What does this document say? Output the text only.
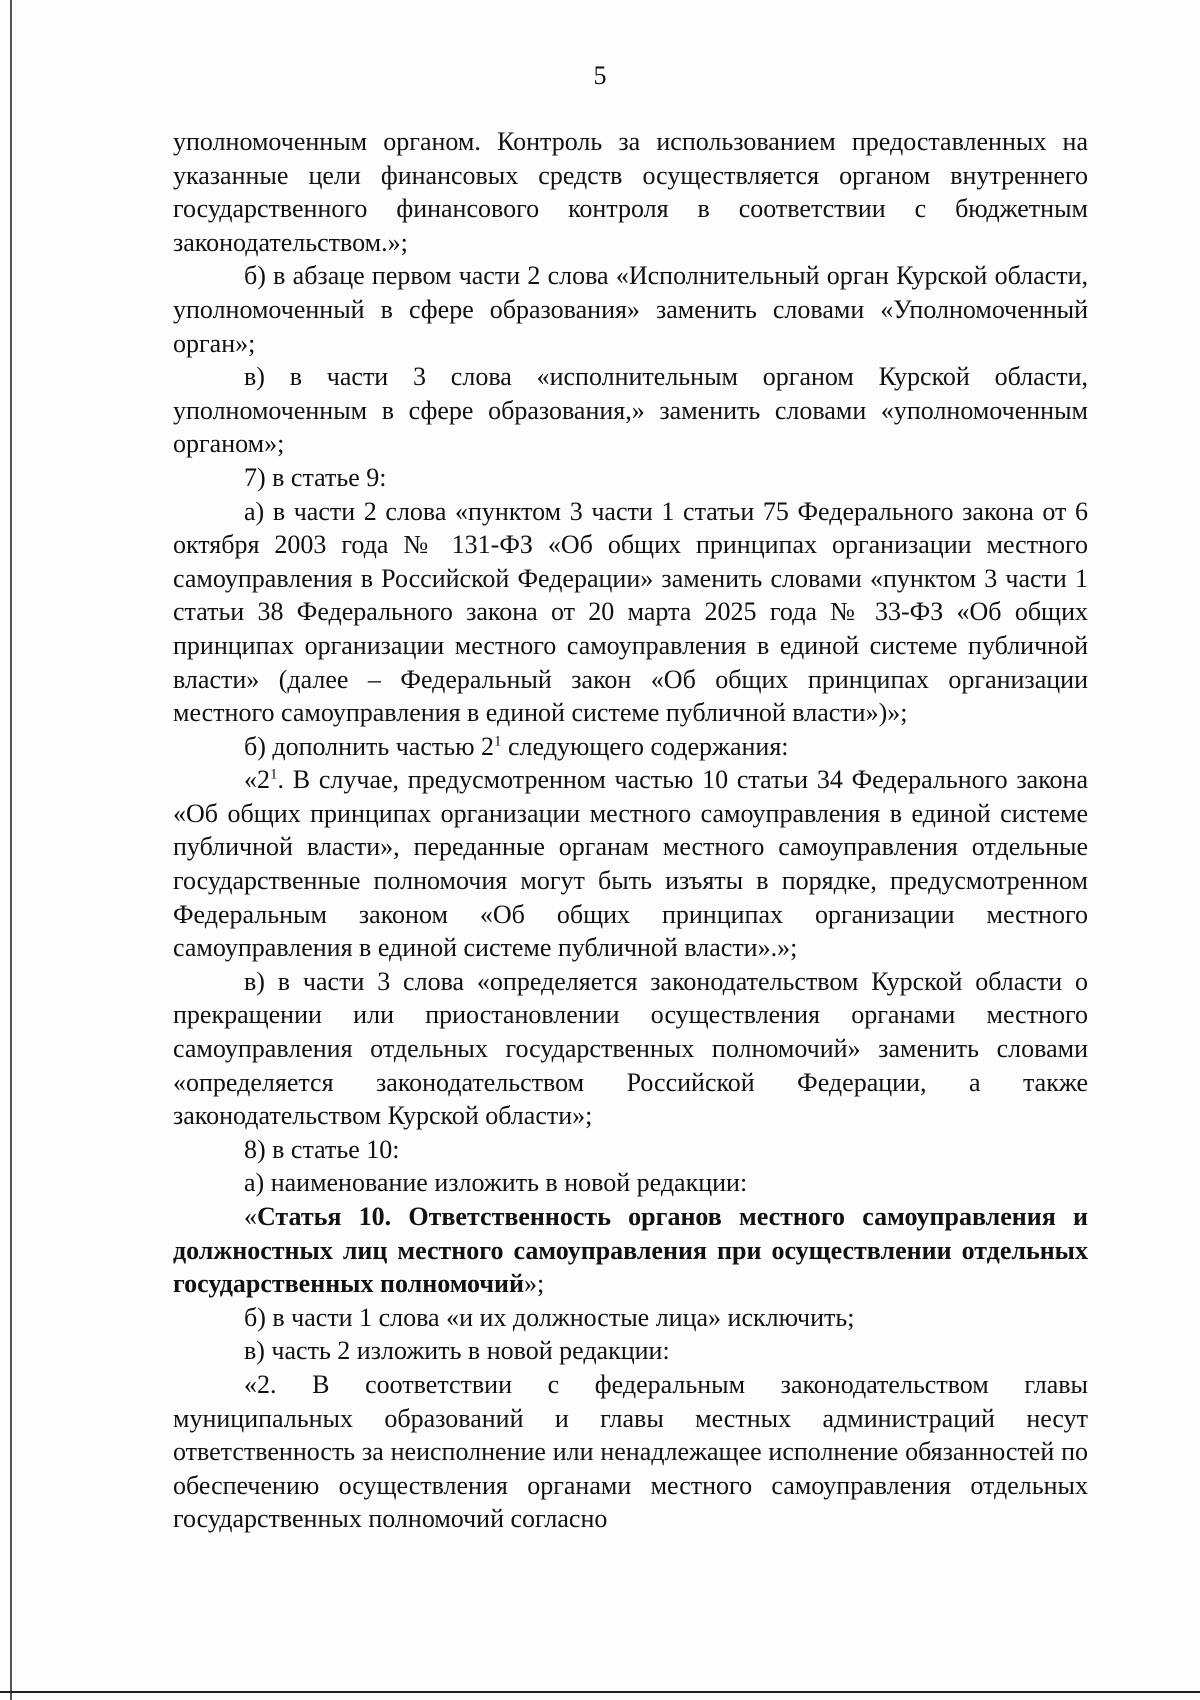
5

уполномоченным органом. Контроль за использованием предоставленных на указанные цели финансовых средств осуществляется органом внутреннего государственного финансового контроля в соответствии с бюджетным законодательством.»;

б) в абзаце первом части 2 слова «Исполнительный орган Курской области, уполномоченный в сфере образования» заменить словами «Уполномоченный орган»;

в) в части 3 слова «исполнительным органом Курской области, уполномоченным в сфере образования,» заменить словами «уполномоченным органом»;

7) в статье 9:

а) в части 2 слова «пунктом 3 части 1 статьи 75 Федерального закона от 6 октября 2003 года № 131-ФЗ «Об общих принципах организации местного самоуправления в Российской Федерации» заменить словами «пунктом 3 части 1 статьи 38 Федерального закона от 20 марта 2025 года № 33-ФЗ «Об общих принципах организации местного самоуправления в единой системе публичной власти» (далее – Федеральный закон «Об общих принципах организации местного самоуправления в единой системе публичной власти»)»;

б) дополнить частью $2^1$ следующего содержания:

«$2^1$. В случае, предусмотренном частью 10 статьи 34 Федерального закона «Об общих принципах организации местного самоуправления в единой системе публичной власти», переданные органам местного самоуправления отдельные государственные полномочия могут быть изъяты в порядке, предусмотренном Федеральным законом «Об общих принципах организации местного самоуправления в единой системе публичной власти».»;

в) в части 3 слова «определяется законодательством Курской области о прекращении или приостановлении осуществления органами местного самоуправления отдельных государственных полномочий» заменить словами «определяется законодательством Российской Федерации, а также законодательством Курской области»;

8) в статье 10:

а) наименование изложить в новой редакции:

«Статья 10. Ответственность органов местного самоуправления и должностных лиц местного самоуправления при осуществлении отдельных государственных полномочий»;

б) в части 1 слова «и их должностые лица» исключить;

в) часть 2 изложить в новой редакции:

«2. В соответствии с федеральным законодательством главы муниципальных образований и главы местных администраций несут ответственность за неисполнение или ненадлежащее исполнение обязанностей по обеспечению осуществления органами местного самоуправления отдельных государственных полномочий согласно
